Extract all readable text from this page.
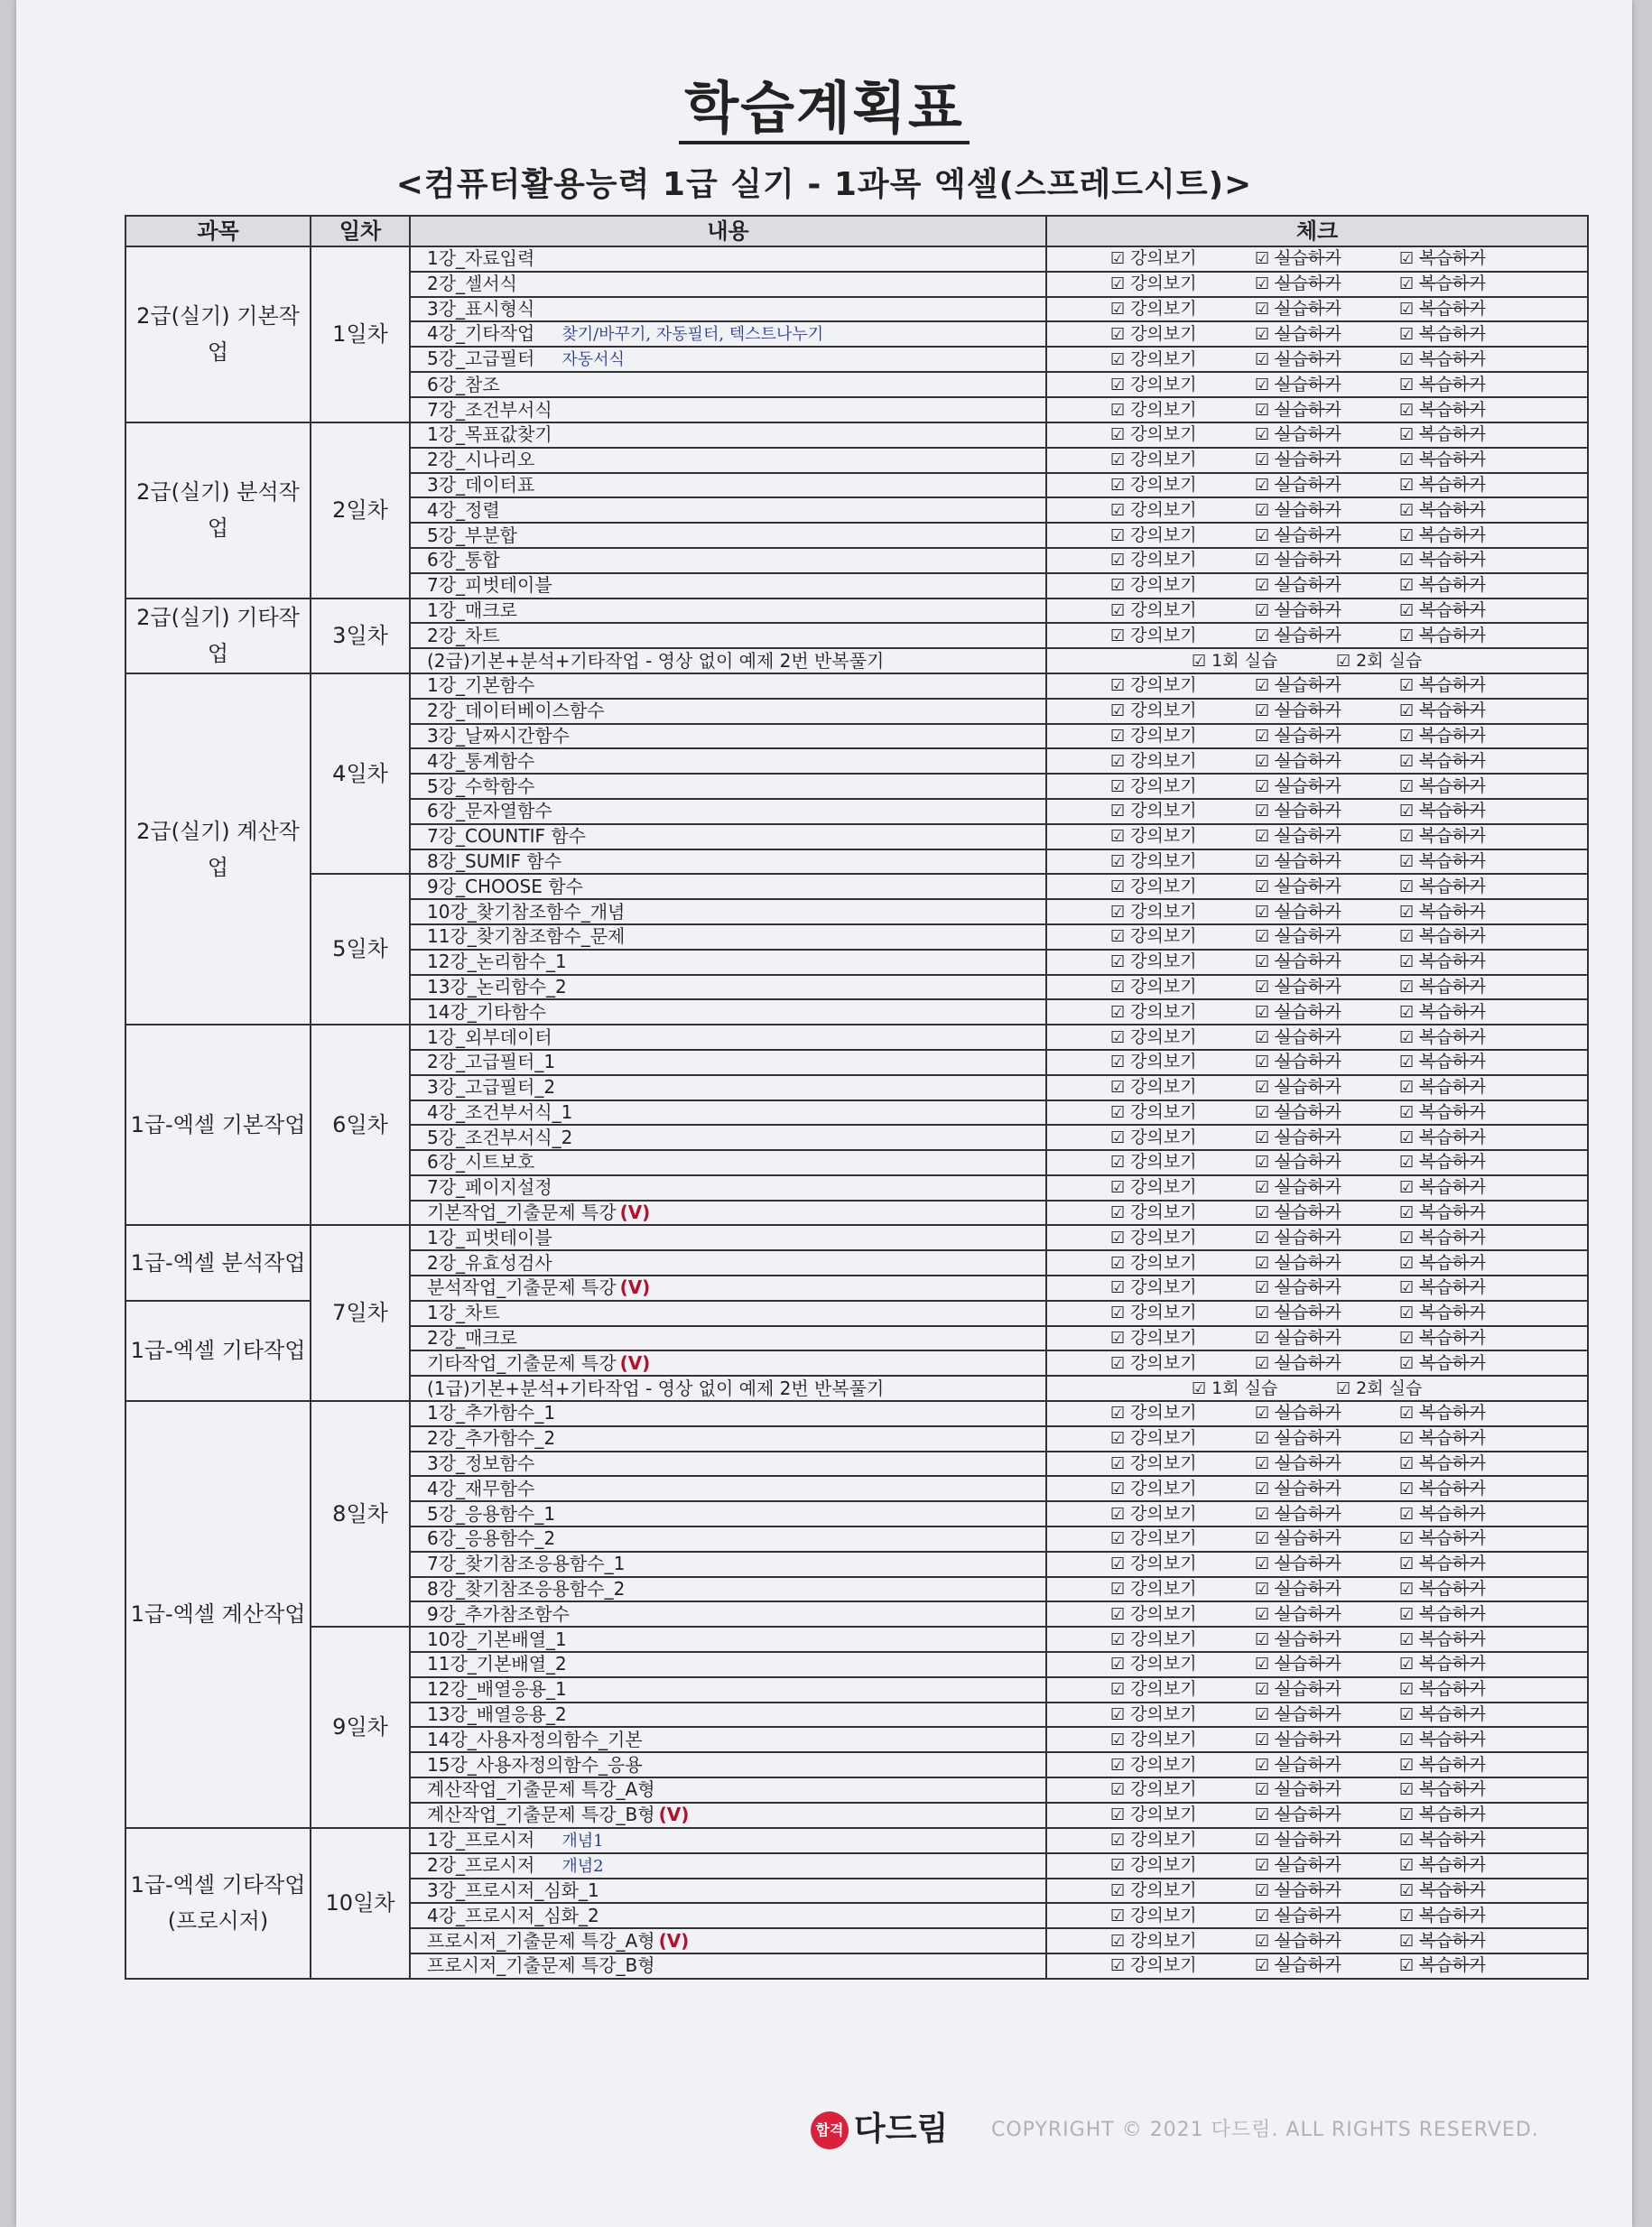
학습계획표
<컴퓨터활용능력 1급 실기 - 1과목 엑셀(스프레드시트)>
과목	일차	내용	체크
2급(실기) 기본작업	1일차	1강_자료입력	☑ 강의보기 ☑ 실습하기 ☑ 복습하기
		2강_셀서식	☑ 강의보기 ☑ 실습하기 ☑ 복습하기
		3강_표시형식	☑ 강의보기 ☑ 실습하기 ☑ 복습하기
		4강_기타작업 찾기/바꾸기, 자동필터, 텍스트나누기	☑ 강의보기 ☑ 실습하기 ☑ 복습하기
		5강_고급필터 자동서식	☑ 강의보기 ☑ 실습하기 ☑ 복습하기
		6강_참조	☑ 강의보기 ☑ 실습하기 ☑ 복습하기
		7강_조건부서식	☑ 강의보기 ☑ 실습하기 ☑ 복습하기
2급(실기) 분석작업	2일차	1강_목표값찾기	☑ 강의보기 ☑ 실습하기 ☑ 복습하기
		2강_시나리오	☑ 강의보기 ☑ 실습하기 ☑ 복습하기
		3강_데이터표	☑ 강의보기 ☑ 실습하기 ☑ 복습하기
		4강_정렬	☑ 강의보기 ☑ 실습하기 ☑ 복습하기
		5강_부분합	☑ 강의보기 ☑ 실습하기 ☑ 복습하기
		6강_통합	☑ 강의보기 ☑ 실습하기 ☑ 복습하기
		7강_피벗테이블	☑ 강의보기 ☑ 실습하기 ☑ 복습하기
2급(실기) 기타작업	3일차	1강_매크로	☑ 강의보기 ☑ 실습하기 ☑ 복습하기
		2강_차트	☑ 강의보기 ☑ 실습하기 ☑ 복습하기
		(2급)기본+분석+기타작업 - 영상 없이 예제 2번 반복풀기	☑ 1회 실습 ☑ 2회 실습
2급(실기) 계산작업	4일차	1강_기본함수	☑ 강의보기 ☑ 실습하기 ☑ 복습하기
		2강_데이터베이스함수	☑ 강의보기 ☑ 실습하기 ☑ 복습하기
		3강_날짜시간함수	☑ 강의보기 ☑ 실습하기 ☑ 복습하기
		4강_통계함수	☑ 강의보기 ☑ 실습하기 ☑ 복습하기
		5강_수학함수	☑ 강의보기 ☑ 실습하기 ☑ 복습하기
		6강_문자열함수	☑ 강의보기 ☑ 실습하기 ☑ 복습하기
		7강_COUNTIF 함수	☑ 강의보기 ☑ 실습하기 ☑ 복습하기
		8강_SUMIF 함수	☑ 강의보기 ☑ 실습하기 ☑ 복습하기
	5일차	9강_CHOOSE 함수	☑ 강의보기 ☑ 실습하기 ☑ 복습하기
		10강_찾기참조함수_개념	☑ 강의보기 ☑ 실습하기 ☑ 복습하기
		11강_찾기참조함수_문제	☑ 강의보기 ☑ 실습하기 ☑ 복습하기
		12강_논리함수_1	☑ 강의보기 ☑ 실습하기 ☑ 복습하기
		13강_논리함수_2	☑ 강의보기 ☑ 실습하기 ☑ 복습하기
		14강_기타함수	☑ 강의보기 ☑ 실습하기 ☑ 복습하기
1급-엑셀 기본작업	6일차	1강_외부데이터	☑ 강의보기 ☑ 실습하기 ☑ 복습하기
		2강_고급필터_1	☑ 강의보기 ☑ 실습하기 ☑ 복습하기
		3강_고급필터_2	☑ 강의보기 ☑ 실습하기 ☑ 복습하기
		4강_조건부서식_1	☑ 강의보기 ☑ 실습하기 ☑ 복습하기
		5강_조건부서식_2	☑ 강의보기 ☑ 실습하기 ☑ 복습하기
		6강_시트보호	☑ 강의보기 ☑ 실습하기 ☑ 복습하기
		7강_페이지설정	☑ 강의보기 ☑ 실습하기 ☑ 복습하기
		기본작업_기출문제 특강 (V)	☑ 강의보기 ☑ 실습하기 ☑ 복습하기
1급-엑셀 분석작업	7일차	1강_피벗테이블	☑ 강의보기 ☑ 실습하기 ☑ 복습하기
		2강_유효성검사	☑ 강의보기 ☑ 실습하기 ☑ 복습하기
		분석작업_기출문제 특강 (V)	☑ 강의보기 ☑ 실습하기 ☑ 복습하기
1급-엑셀 기타작업		1강_차트	☑ 강의보기 ☑ 실습하기 ☑ 복습하기
		2강_매크로	☑ 강의보기 ☑ 실습하기 ☑ 복습하기
		기타작업_기출문제 특강 (V)	☑ 강의보기 ☑ 실습하기 ☑ 복습하기
		(1급)기본+분석+기타작업 - 영상 없이 예제 2번 반복풀기	☑ 1회 실습 ☑ 2회 실습
1급-엑셀 계산작업	8일차	1강_추가함수_1	☑ 강의보기 ☑ 실습하기 ☑ 복습하기
		2강_추가함수_2	☑ 강의보기 ☑ 실습하기 ☑ 복습하기
		3강_정보함수	☑ 강의보기 ☑ 실습하기 ☑ 복습하기
		4강_재무함수	☑ 강의보기 ☑ 실습하기 ☑ 복습하기
		5강_응용함수_1	☑ 강의보기 ☑ 실습하기 ☑ 복습하기
		6강_응용함수_2	☑ 강의보기 ☑ 실습하기 ☑ 복습하기
		7강_찾기참조응용함수_1	☑ 강의보기 ☑ 실습하기 ☑ 복습하기
		8강_찾기참조응용함수_2	☑ 강의보기 ☑ 실습하기 ☑ 복습하기
		9강_추가참조함수	☑ 강의보기 ☑ 실습하기 ☑ 복습하기
	9일차	10강_기본배열_1	☑ 강의보기 ☑ 실습하기 ☑ 복습하기
		11강_기본배열_2	☑ 강의보기 ☑ 실습하기 ☑ 복습하기
		12강_배열응용_1	☑ 강의보기 ☑ 실습하기 ☑ 복습하기
		13강_배열응용_2	☑ 강의보기 ☑ 실습하기 ☑ 복습하기
		14강_사용자정의함수_기본	☑ 강의보기 ☑ 실습하기 ☑ 복습하기
		15강_사용자정의함수_응용	☑ 강의보기 ☑ 실습하기 ☑ 복습하기
		계산작업_기출문제 특강_A형	☑ 강의보기 ☑ 실습하기 ☑ 복습하기
		계산작업_기출문제 특강_B형 (V)	☑ 강의보기 ☑ 실습하기 ☑ 복습하기
1급-엑셀 기타작업 (프로시저)	10일차	1강_프로시저 개념1	☑ 강의보기 ☑ 실습하기 ☑ 복습하기
		2강_프로시저 개념2	☑ 강의보기 ☑ 실습하기 ☑ 복습하기
		3강_프로시저_심화_1	☑ 강의보기 ☑ 실습하기 ☑ 복습하기
		4강_프로시저_심화_2	☑ 강의보기 ☑ 실습하기 ☑ 복습하기
		프로시저_기출문제 특강_A형 (V)	☑ 강의보기 ☑ 실습하기 ☑ 복습하기
		프로시저_기출문제 특강_B형	☑ 강의보기 ☑ 실습하기 ☑ 복습하기
합격 다드림 COPYRIGHT © 2021 다드림. ALL RIGHTS RESERVED.
